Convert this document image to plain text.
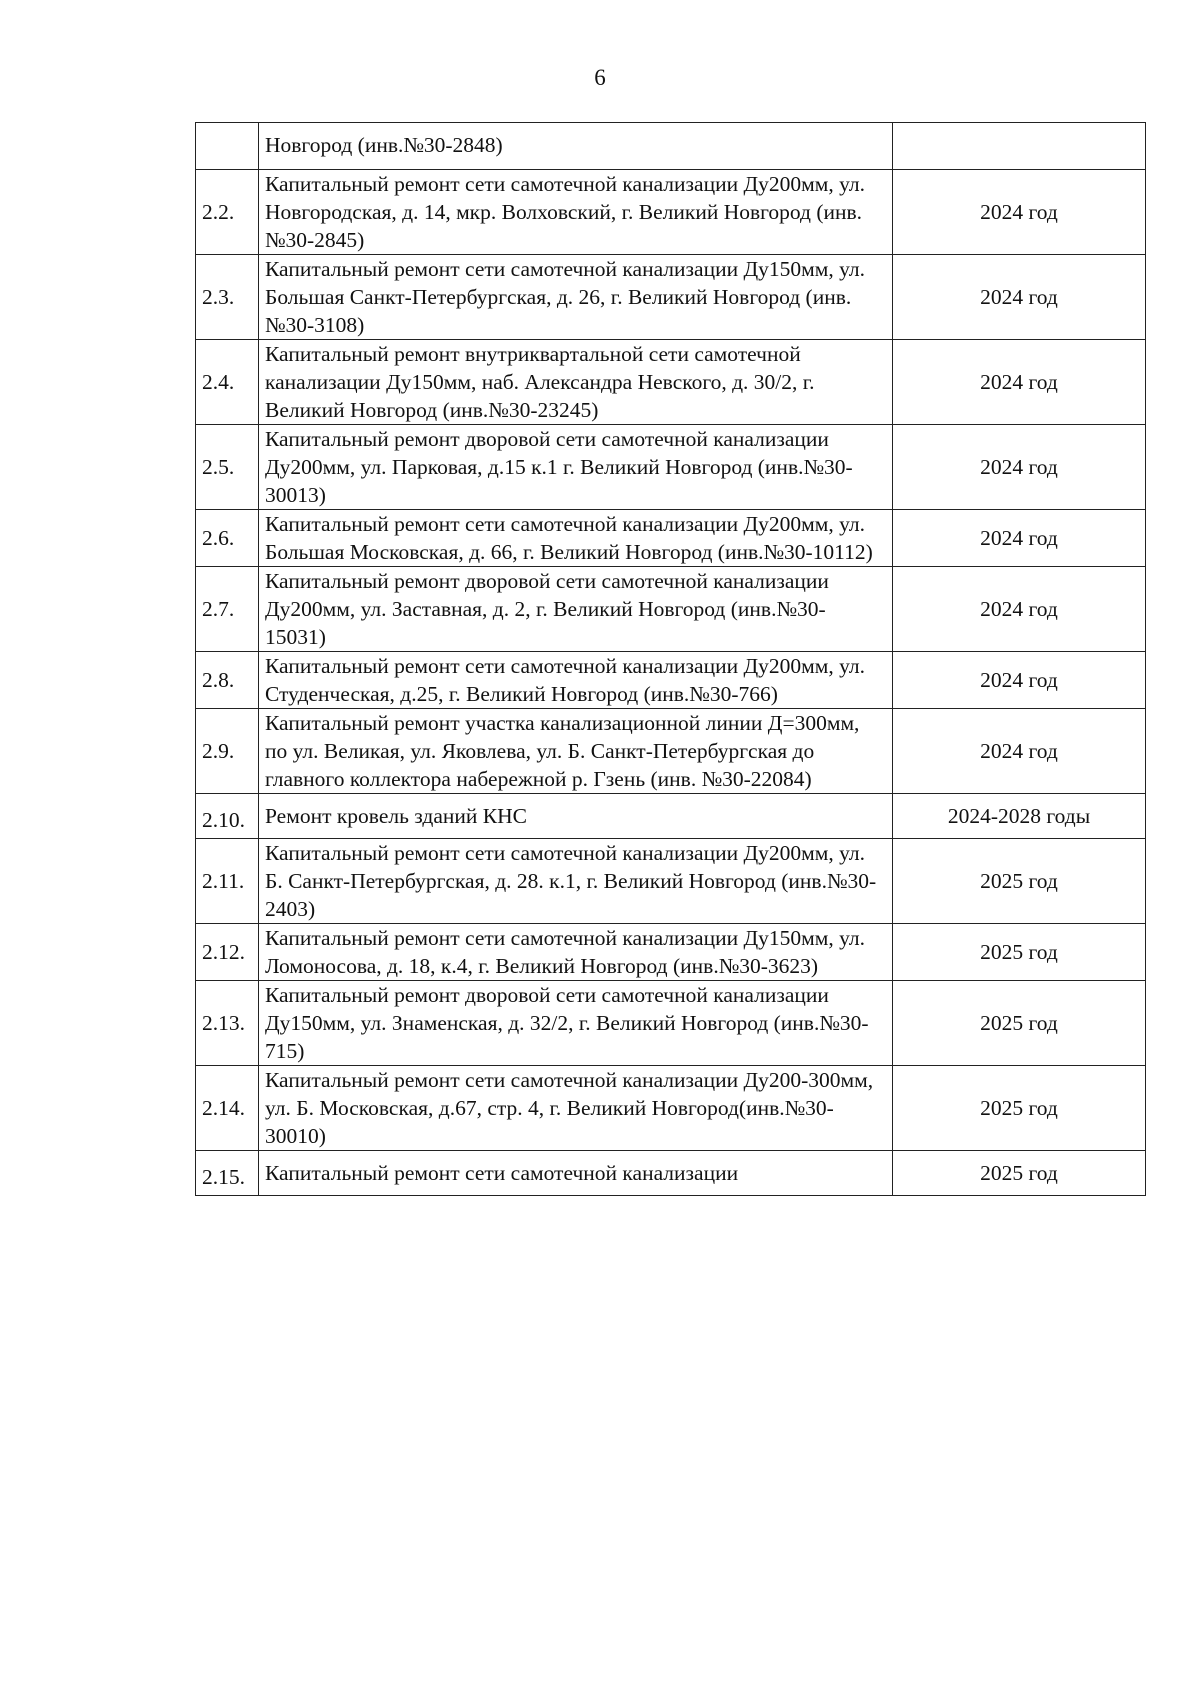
6
	Новгород (инв.№30-2848)	
2.2.	Капитальный ремонт сети самотечной канализации Ду200мм, ул. Новгородская, д. 14, мкр. Волховский, г. Великий Новгород (инв.№30-2845)	2024 год
2.3.	Капитальный ремонт сети самотечной канализации Ду150мм, ул. Большая Санкт-Петербургская, д. 26, г. Великий Новгород (инв.№30-3108)	2024 год
2.4.	Капитальный ремонт внутриквартальной сети самотечной канализации Ду150мм, наб. Александра Невского, д. 30/2, г. Великий Новгород (инв.№30-23245)	2024 год
2.5.	Капитальный ремонт дворовой сети самотечной канализации Ду200мм, ул. Парковая, д.15 к.1 г. Великий Новгород (инв.№30-30013)	2024 год
2.6.	Капитальный ремонт сети самотечной канализации Ду200мм, ул. Большая Московская, д. 66, г. Великий Новгород (инв.№30-10112)	2024 год
2.7.	Капитальный ремонт дворовой сети самотечной канализации Ду200мм, ул. Заставная, д. 2, г. Великий Новгород (инв.№30-15031)	2024 год
2.8.	Капитальный ремонт сети самотечной канализации Ду200мм, ул. Студенческая, д.25, г. Великий Новгород (инв.№30-766)	2024 год
2.9.	Капитальный ремонт участка канализационной линии Д=300мм, по ул. Великая, ул. Яковлева, ул. Б. Санкт-Петербургская до главного коллектора набережной р. Гзень (инв. №30-22084)	2024 год
2.10.	Ремонт кровель зданий КНС	2024-2028 годы
2.11.	Капитальный ремонт сети самотечной канализации Ду200мм, ул. Б. Санкт-Петербургская, д. 28. к.1, г. Великий Новгород (инв.№30-2403)	2025 год
2.12.	Капитальный ремонт сети самотечной канализации Ду150мм, ул. Ломоносова, д. 18, к.4, г. Великий Новгород (инв.№30-3623)	2025 год
2.13.	Капитальный ремонт дворовой сети самотечной канализации Ду150мм, ул. Знаменская, д. 32/2, г. Великий Новгород (инв.№30-715)	2025 год
2.14.	Капитальный ремонт сети самотечной канализации Ду200-300мм, ул. Б. Московская, д.67, стр. 4, г. Великий Новгород(инв.№30-30010)	2025 год
2.15.	Капитальный ремонт сети самотечной канализации	2025 год
